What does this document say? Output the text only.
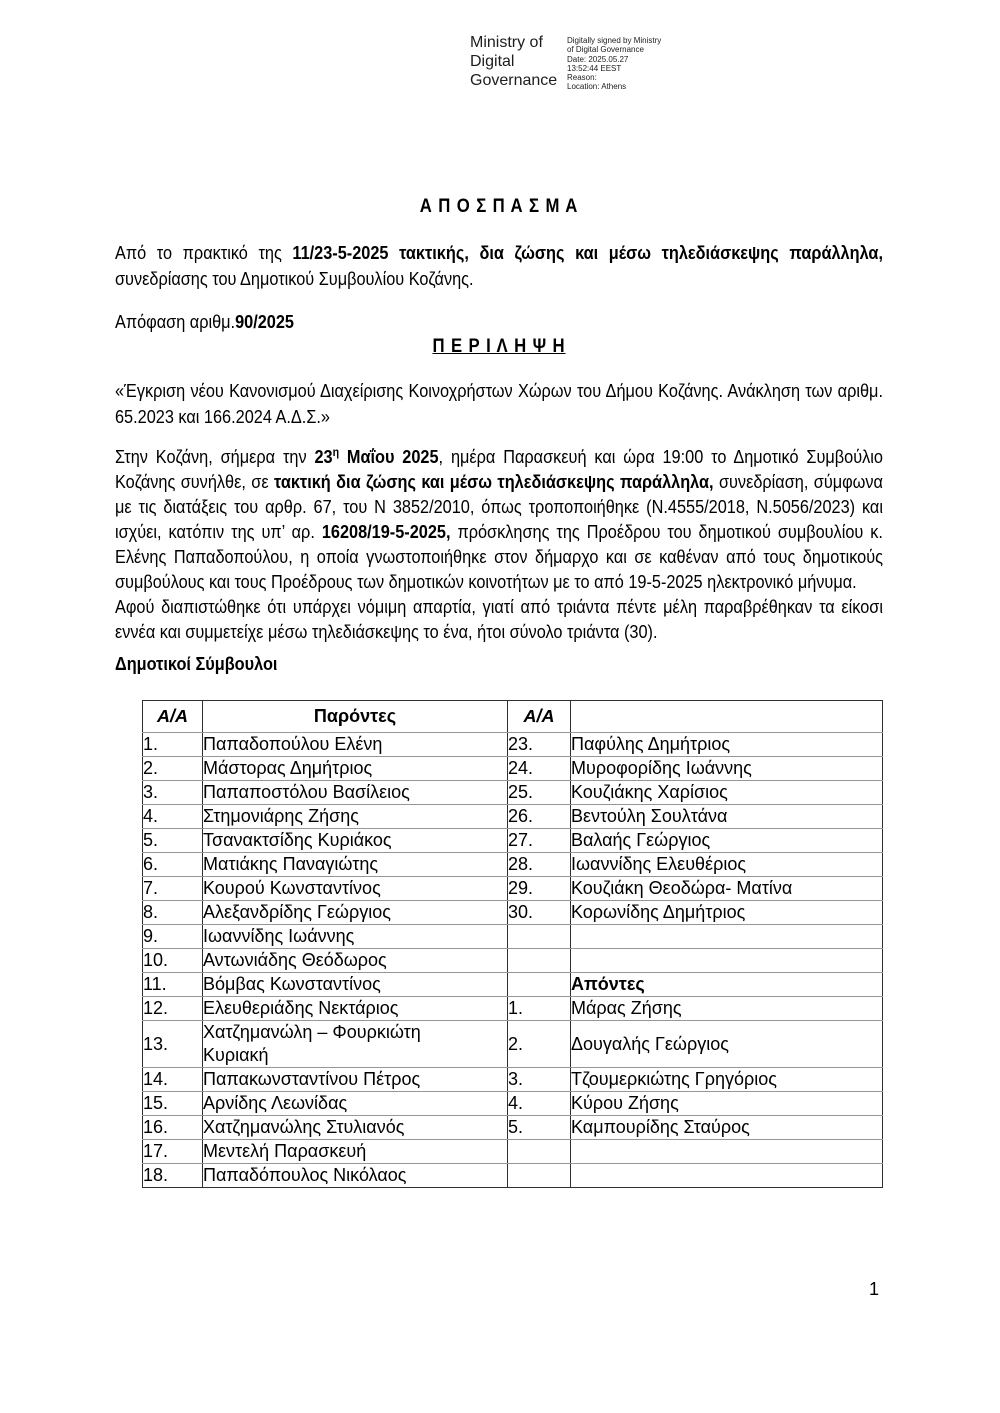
Ministry of
Digital
Governance
Digitally signed by Ministry
of Digital Governance
Date: 2025.05.27
13:52:44 EEST
Reason:
Location: Athens
Α Π Ο Σ Π Α Σ Μ Α

Από το πρακτικό της 11/23-5-2025 τακτικής, δια ζώσης και μέσω τηλεδιάσκεψης παράλληλα, συνεδρίασης του Δημοτικού Συμβουλίου Κοζάνης.

Απόφαση αριθμ.90/2025

Π Ε Ρ Ι Λ Η Ψ Η

«Έγκριση νέου Κανονισμού Διαχείρισης Κοινοχρήστων Χώρων του Δήμου Κοζάνης. Ανάκληση των αριθμ. 65.2023 και 166.2024 Α.Δ.Σ.»

Στην Κοζάνη, σήμερα την $23^\eta$ Μαΐου 2025, ημέρα Παρασκευή και ώρα 19:00 το Δημοτικό Συμβούλιο Κοζάνης συνήλθε, σε τακτική δια ζώσης και μέσω τηλεδιάσκεψης παράλληλα, συνεδρίαση, σύμφωνα με τις διατάξεις του αρθρ. 67, του Ν 3852/2010, όπως τροποποιήθηκε (Ν.4555/2018, Ν.5056/2023) και ισχύει, κατόπιν της υπ’ αρ. 16208/19-5-2025, πρόσκλησης της Προέδρου του δημοτικού συμβουλίου κ. Ελένης Παπαδοπούλου, η οποία γνωστοποιήθηκε στον δήμαρχο και σε καθέναν από τους δημοτικούς συμβούλους και τους Προέδρους των δημοτικών κοινοτήτων με το από 19-5-2025 ηλεκτρονικό μήνυμα.

Αφού διαπιστώθηκε ότι υπάρχει νόμιμη απαρτία, γιατί από τριάντα πέντε μέλη παραβρέθηκαν τα είκοσι εννέα και συμμετείχε μέσω τηλεδιάσκεψης το ένα, ήτοι σύνολο τριάντα (30).

Δημοτικοί Σύμβουλοι
Α/Α	Παρόντες	Α/Α	
1.	Παπαδοπούλου Ελένη	23.	Παφύλης Δημήτριος
2.	Μάστορας Δημήτριος	24.	Μυροφορίδης Ιωάννης
3.	Παπαποστόλου Βασίλειος	25.	Κουζιάκης Χαρίσιος
4.	Στημονιάρης Ζήσης	26.	Βεντούλη Σουλτάνα
5.	Τσανακτσίδης Κυριάκος	27.	Βαλαής Γεώργιος
6.	Ματιάκης Παναγιώτης	28.	Ιωαννίδης Ελευθέριος
7.	Κουρού Κωνσταντίνος	29.	Κουζιάκη Θεοδώρα- Ματίνα
8.	Αλεξανδρίδης Γεώργιος	30.	Κορωνίδης Δημήτριος
9.	Ιωαννίδης Ιωάννης		
10.	Αντωνιάδης Θεόδωρος		
11.	Βόμβας Κωνσταντίνος		Απόντες
12.	Ελευθεριάδης Νεκτάριος	1.	Μάρας Ζήσης
13.	Χατζημανώλη – Φουρκιώτη
Κυριακή	2.	Δουγαλής Γεώργιος
14.	Παπακωνσταντίνου Πέτρος	3.	Τζουμερκιώτης Γρηγόριος
15.	Αρνίδης Λεωνίδας	4.	Κύρου Ζήσης
16.	Χατζημανώλης Στυλιανός	5.	Καμπουρίδης Σταύρος
17.	Μεντελή Παρασκευή		
18.	Παπαδόπουλος Νικόλαος		
1
